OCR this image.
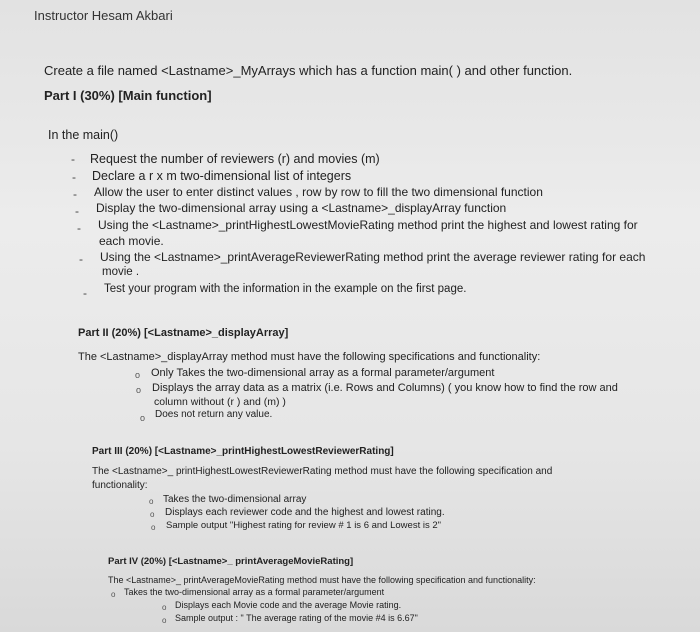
Instructor Hesam Akbari
Create a file named <Lastname>_MyArrays which has a function main( ) and other function.
Part I (30%) [Main function]
In the main()
- Request the number of reviewers (r) and movies (m)
- Declare a r x m two-dimensional list of integers
- Allow the user to enter distinct values , row by row to fill the two dimensional function
- Display the two-dimensional array using a <Lastname>_displayArray function
- Using the <Lastname>_printHighestLowestMovieRating method print the highest and lowest rating for
each movie.
- Using the <Lastname>_printAverageReviewerRating method print the average reviewer rating for each
movie .
- Test your program with the information in the example on the first page.
Part II (20%) [<Lastname>_displayArray]
The <Lastname>_displayArray method must have the following specifications and functionality:
o Only Takes the two-dimensional array as a formal parameter/argument
o Displays the array data as a matrix (i.e. Rows and Columns) ( you know how to find the row and
column without (r ) and (m) )
o Does not return any value.
Part III (20%) [<Lastname>_printHighestLowestReviewerRating]
The <Lastname>_ printHighestLowestReviewerRating method must have the following specification and
functionality:
o Takes the two-dimensional array
o Displays each reviewer code and the highest and lowest rating.
o Sample output "Highest rating for review # 1 is 6 and Lowest is 2"
Part IV (20%) [<Lastname>_ printAverageMovieRating]
The <Lastname>_ printAverageMovieRating method must have the following specification and functionality:
o Takes the two-dimensional array as a formal parameter/argument
o Displays each Movie code and the average Movie rating.
o Sample output : " The average rating of the movie #4 is 6.67"
